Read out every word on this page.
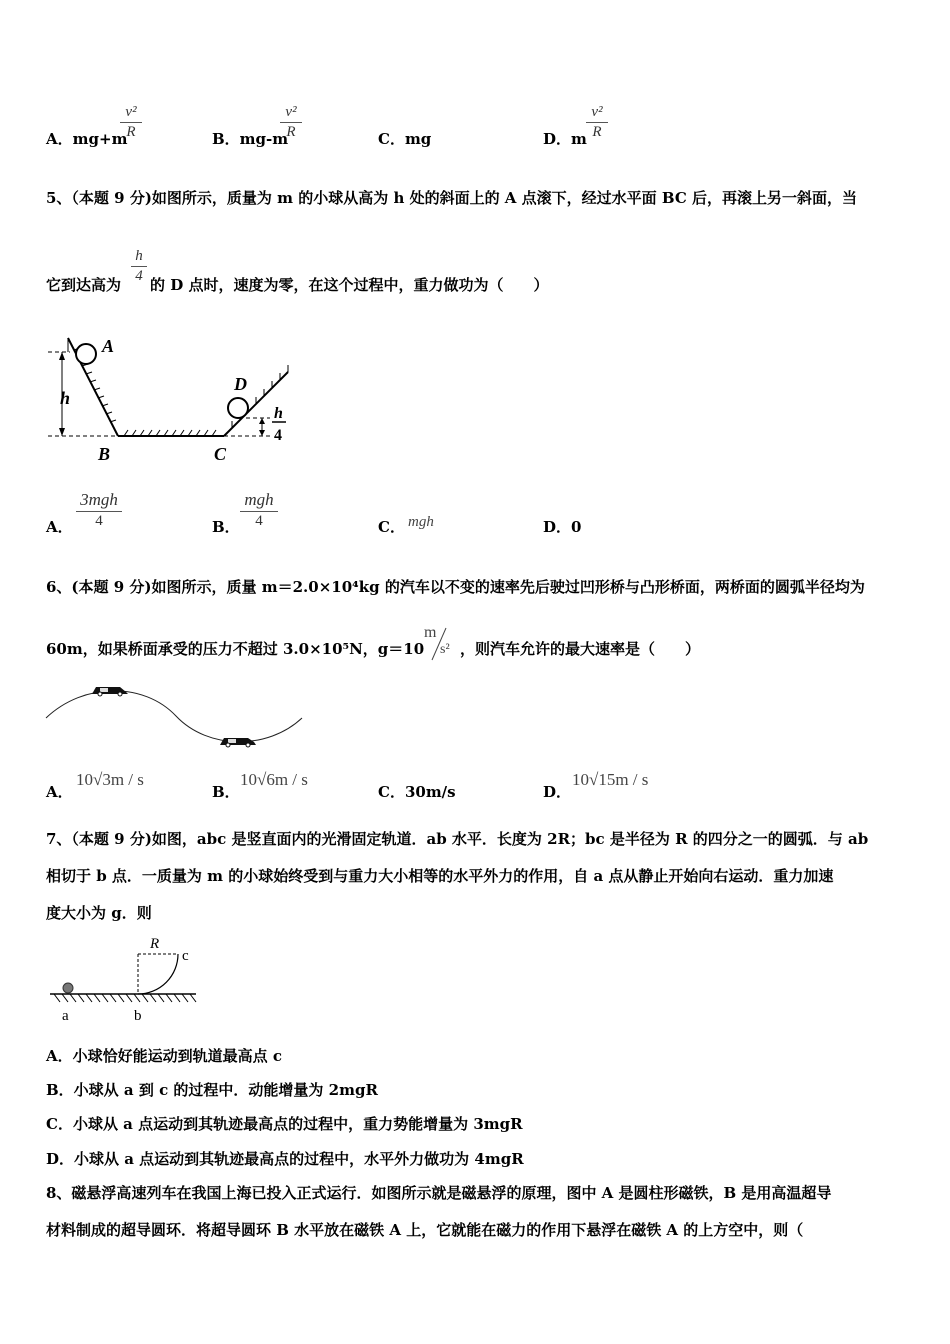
A．mg+m
v²
R	B．mg-m
v²
R	C．mg	D．m
v²
R
5、（本题 9 分)如图所示，质量为 m 的小球从高为 h 处的斜面上的 A 点滚下，经过水平面 BC 后，再滚上另一斜面，当
它到达高为
h
4 的 D 点时，速度为零，在这个过程中，重力做功为（　　）
A
h
B	C
D
h
4
A．
3mgh
4	B．
mgh
4	C． mgh	D．0
6、(本题 9 分)如图所示，质量 m＝2.0×10⁴kg 的汽车以不变的速率先后驶过凹形桥与凸形桥面，两桥面的圆弧半径均为
60m，如果桥面承受的压力不超过 3.0×10⁵N，g＝10
m
s² ，则汽车允许的最大速率是（　　）
A．
10√3m / s
B．
10√6m / s
C．30m/s	D．
10√15m / s
7、（本题 9 分)如图，abc 是竖直面内的光滑固定轨道．ab 水平．长度为 2R；bc 是半径为 R 的四分之一的圆弧．与 ab
相切于 b 点．一质量为 m 的小球始终受到与重力大小相等的水平外力的作用，自 a 点从静止开始向右运动．重力加速
度大小为 g．则
R
c
a	b
A．小球恰好能运动到轨道最高点 c
B．小球从 a 到 c 的过程中．动能增量为 2mgR
C．小球从 a 点运动到其轨迹最高点的过程中，重力势能增量为 3mgR
D．小球从 a 点运动到其轨迹最高点的过程中，水平外力做功为 4mgR
8、磁悬浮高速列车在我国上海已投入正式运行．如图所示就是磁悬浮的原理，图中 A 是圆柱形磁铁，B 是用高温超导
材料制成的超导圆环．将超导圆环 B 水平放在磁铁 A 上，它就能在磁力的作用下悬浮在磁铁 A 的上方空中，则（
